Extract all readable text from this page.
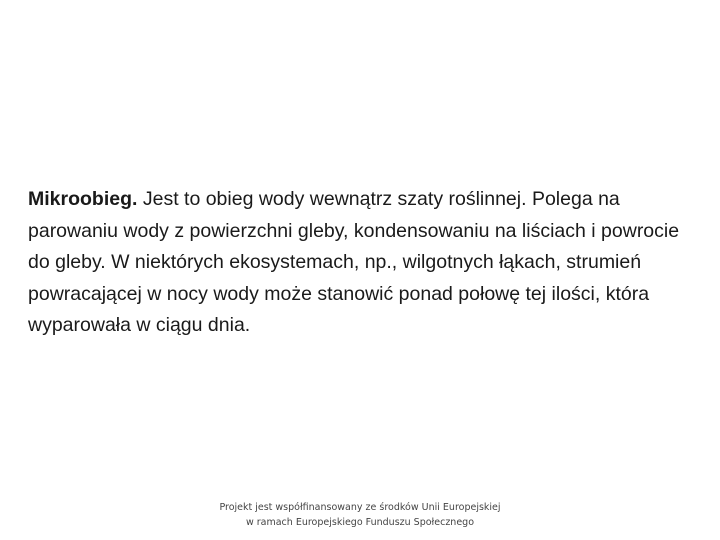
Mikroobieg. Jest to obieg wody wewnątrz szaty roślinnej. Polega na parowaniu wody z powierzchni gleby, kondensowaniu na liściach i powrocie do gleby. W niektórych ekosystemach, np., wilgotnych łąkach, strumień powracającej w nocy wody może stanowić ponad połowę tej ilości, która wyparowała w ciągu dnia.

Projekt jest współfinansowany ze środków Unii Europejskiej
w ramach Europejskiego Funduszu Społecznego
